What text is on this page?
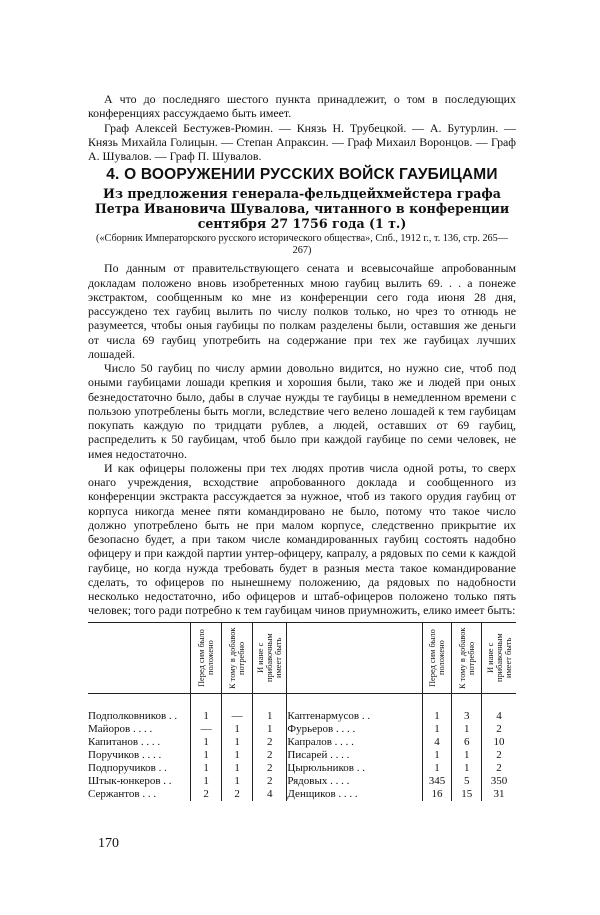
А что до последняго шестого пункта принадлежит, о том в последующих конференциях рассуждаемо быть имеет.

Граф Алексей Бестужев-Рюмин. — Князь Н. Трубецкой. — А. Бутурлин. — Князь Михайла Голицын. — Степан Апраксин. — Граф Михаил Воронцов. — Граф А. Шувалов. — Граф П. Шувалов.

4. О ВООРУЖЕНИИ РУССКИХ ВОЙСК ГАУБИЦАМИ
Из предложения генерала-фельдцейхмейстера графа Петра Ивановича Шувалова, читанного в конференции сентября 27 1756 года (1 т.)
(«Сборник Императорского русского исторического общества», Спб., 1912 г., т. 136, стр. 265—267)

По данным от правительствующего сената и всевысочайше апробованным докладам положено вновь изобретенных мною гаубиц вылить 69. . . а понеже экстрактом, сообщенным ко мне из конференции сего года июня 28 дня, рассуждено тех гаубиц вылить по числу полков только, но чрез то отнюдь не разумеется, чтобы оныя гаубицы по полкам разделены были, оставшия же деньги от числа 69 гаубиц употребить на содержание при тех же гаубицах лучших лошадей.

Число 50 гаубиц по числу армии довольно видится, но нужно сие, чтоб под оными гаубицами лошади крепкия и хорошия были, тако же и людей при оных безнедостаточно было, дабы в случае нужды те гаубицы в немедленном времени с пользою употреблены быть могли, вследствие чего велено лошадей к тем гаубицам покупать каждую по тридцати рублев, а людей, оставших от 69 гаубиц, распределить к 50 гаубицам, чтоб было при каждой гаубице по семи человек, не имея недостаточно.

И как офицеры положены при тех людях против числа одной роты, то сверх онаго учреждения, всходствие апробованного доклада и сообщенного из конференции экстракта рассуждается за нужное, чтоб из такого орудия гаубиц от корпуса никогда менее пяти командировано не было, потому что такое число должно употреблено быть не при малом корпусе, следственно прикрытие их безопасно будет, а при таком числе командированных гаубиц состоять надобно офицеру и при каждой партии унтер-офицеру, капралу, а рядовых по семи к каждой гаубице, но когда нужда требовать будет в разныя места такое командирование сделать, то офицеров по нынешнему положению, да рядовых по надобности несколько недостаточно, ибо офицеров и штаб-офицеров положено только пять человек; того ради потребно к тем гаубицам чинов приумножить, елико имеет быть:

	Перед сим было положено	К тому в добавок потребно	И иане с прибавочным имеет быть		Перед сим было положено	К тому в добавок потребно	И иане с прибавочным имеет быть

Подполковников . .	1	—	1	Каптенармусов . .	1	3	4
Майоров . . . .	—	1	1	Фурьеров . . . .	1	1	2
Капитанов . . . .	1	1	2	Капралов . . . .	4	6	10
Поручиков . . . .	1	1	2	Писарей . . . .	1	1	2
Подпоручиков . .	1	1	2	Цырюльников . .	1	1	2
Штык-юнкеров . .	1	1	2	Рядовых . . . .	345	5	350
Сержантов . . .	2	2	4	Денщиков . . . .	16	15	31
170
